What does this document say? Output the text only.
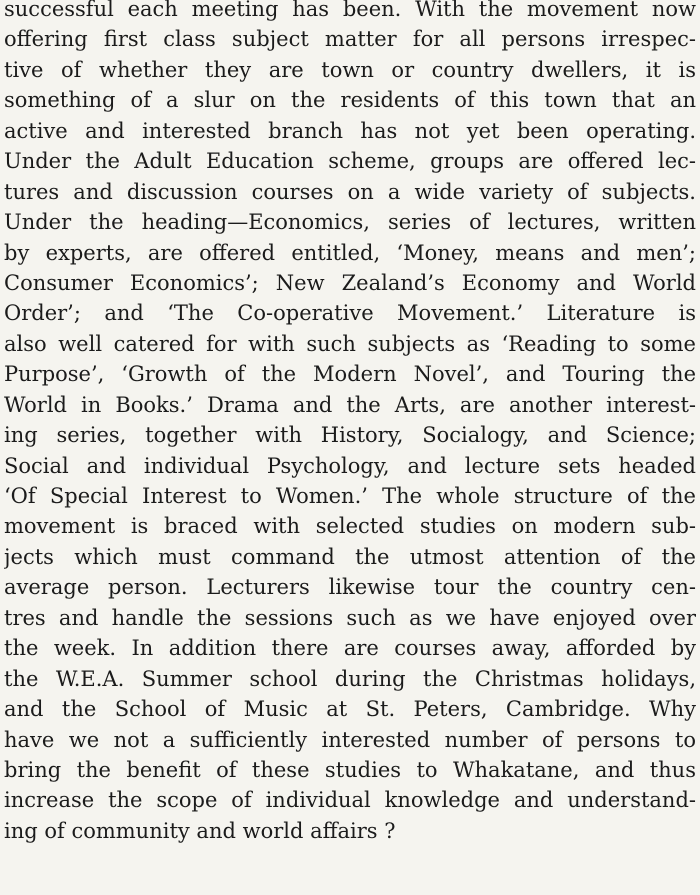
successful each meeting has been. With the movement now
offering first class subject matter for all persons irrespec-
tive of whether they are town or country dwellers, it is
something of a slur on the residents of this town that an
active and interested branch has not yet been operating.
Under the Adult Education scheme, groups are offered lec-
tures and discussion courses on a wide variety of subjects.
Under the heading—Economics, series of lectures, written
by experts, are offered entitled, ‘Money, means and men’;
Consumer Economics’; New Zealand’s Economy and World
Order’; and ‘The Co-operative Movement.’ Literature is
also well catered for with such subjects as ‘Reading to some
Purpose’, ‘Growth of the Modern Novel’, and Touring the
World in Books.’ Drama and the Arts, are another interest-
ing series, together with History, Socialogy, and Science;
Social and individual Psychology, and lecture sets headed
‘Of Special Interest to Women.’ The whole structure of the
movement is braced with selected studies on modern sub-
jects which must command the utmost attention of the
average person. Lecturers likewise tour the country cen-
tres and handle the sessions such as we have enjoyed over
the week. In addition there are courses away, afforded by
the W.E.A. Summer school during the Christmas holidays,
and the School of Music at St. Peters, Cambridge. Why
have we not a sufficiently interested number of persons to
bring the benefit of these studies to Whakatane, and thus
increase the scope of individual knowledge and understand-
ing of community and world affairs ?
